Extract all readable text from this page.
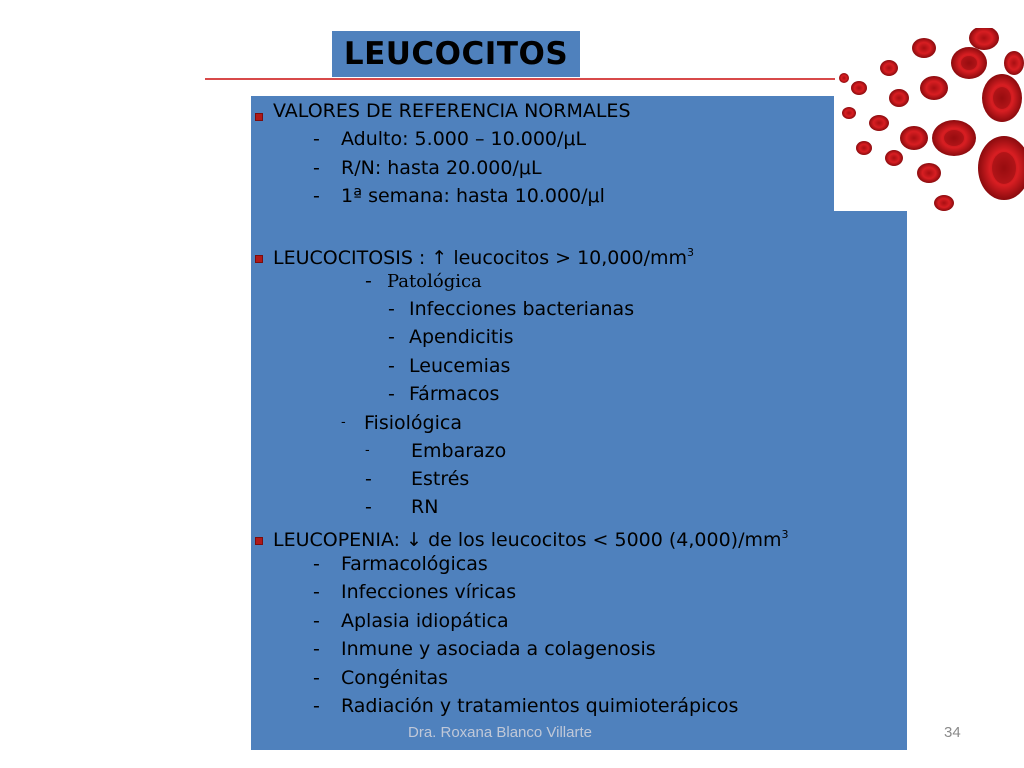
LEUCOCITOS
VALORES DE REFERENCIA NORMALES
- Adulto: 5.000 – 10.000/μL
- R/N: hasta 20.000/μL
- 1ª semana: hasta 10.000/μl
LEUCOCITOSIS : ↑ leucocitos > $10,000/mm^3$
- Patológica
- Infecciones bacterianas
- Apendicitis
- Leucemias
- Fármacos
- Fisiológica
- Embarazo
- Estrés
- RN
LEUCOPENIA: ↓ de los leucocitos < 5000 $(4,000)/mm^3$
- Farmacológicas
- Infecciones víricas
- Aplasia idiopática
- Inmune y asociada a colagenosis
- Congénitas
- Radiación y tratamientos quimioterápicos
Dra. Roxana Blanco Villarte	34
